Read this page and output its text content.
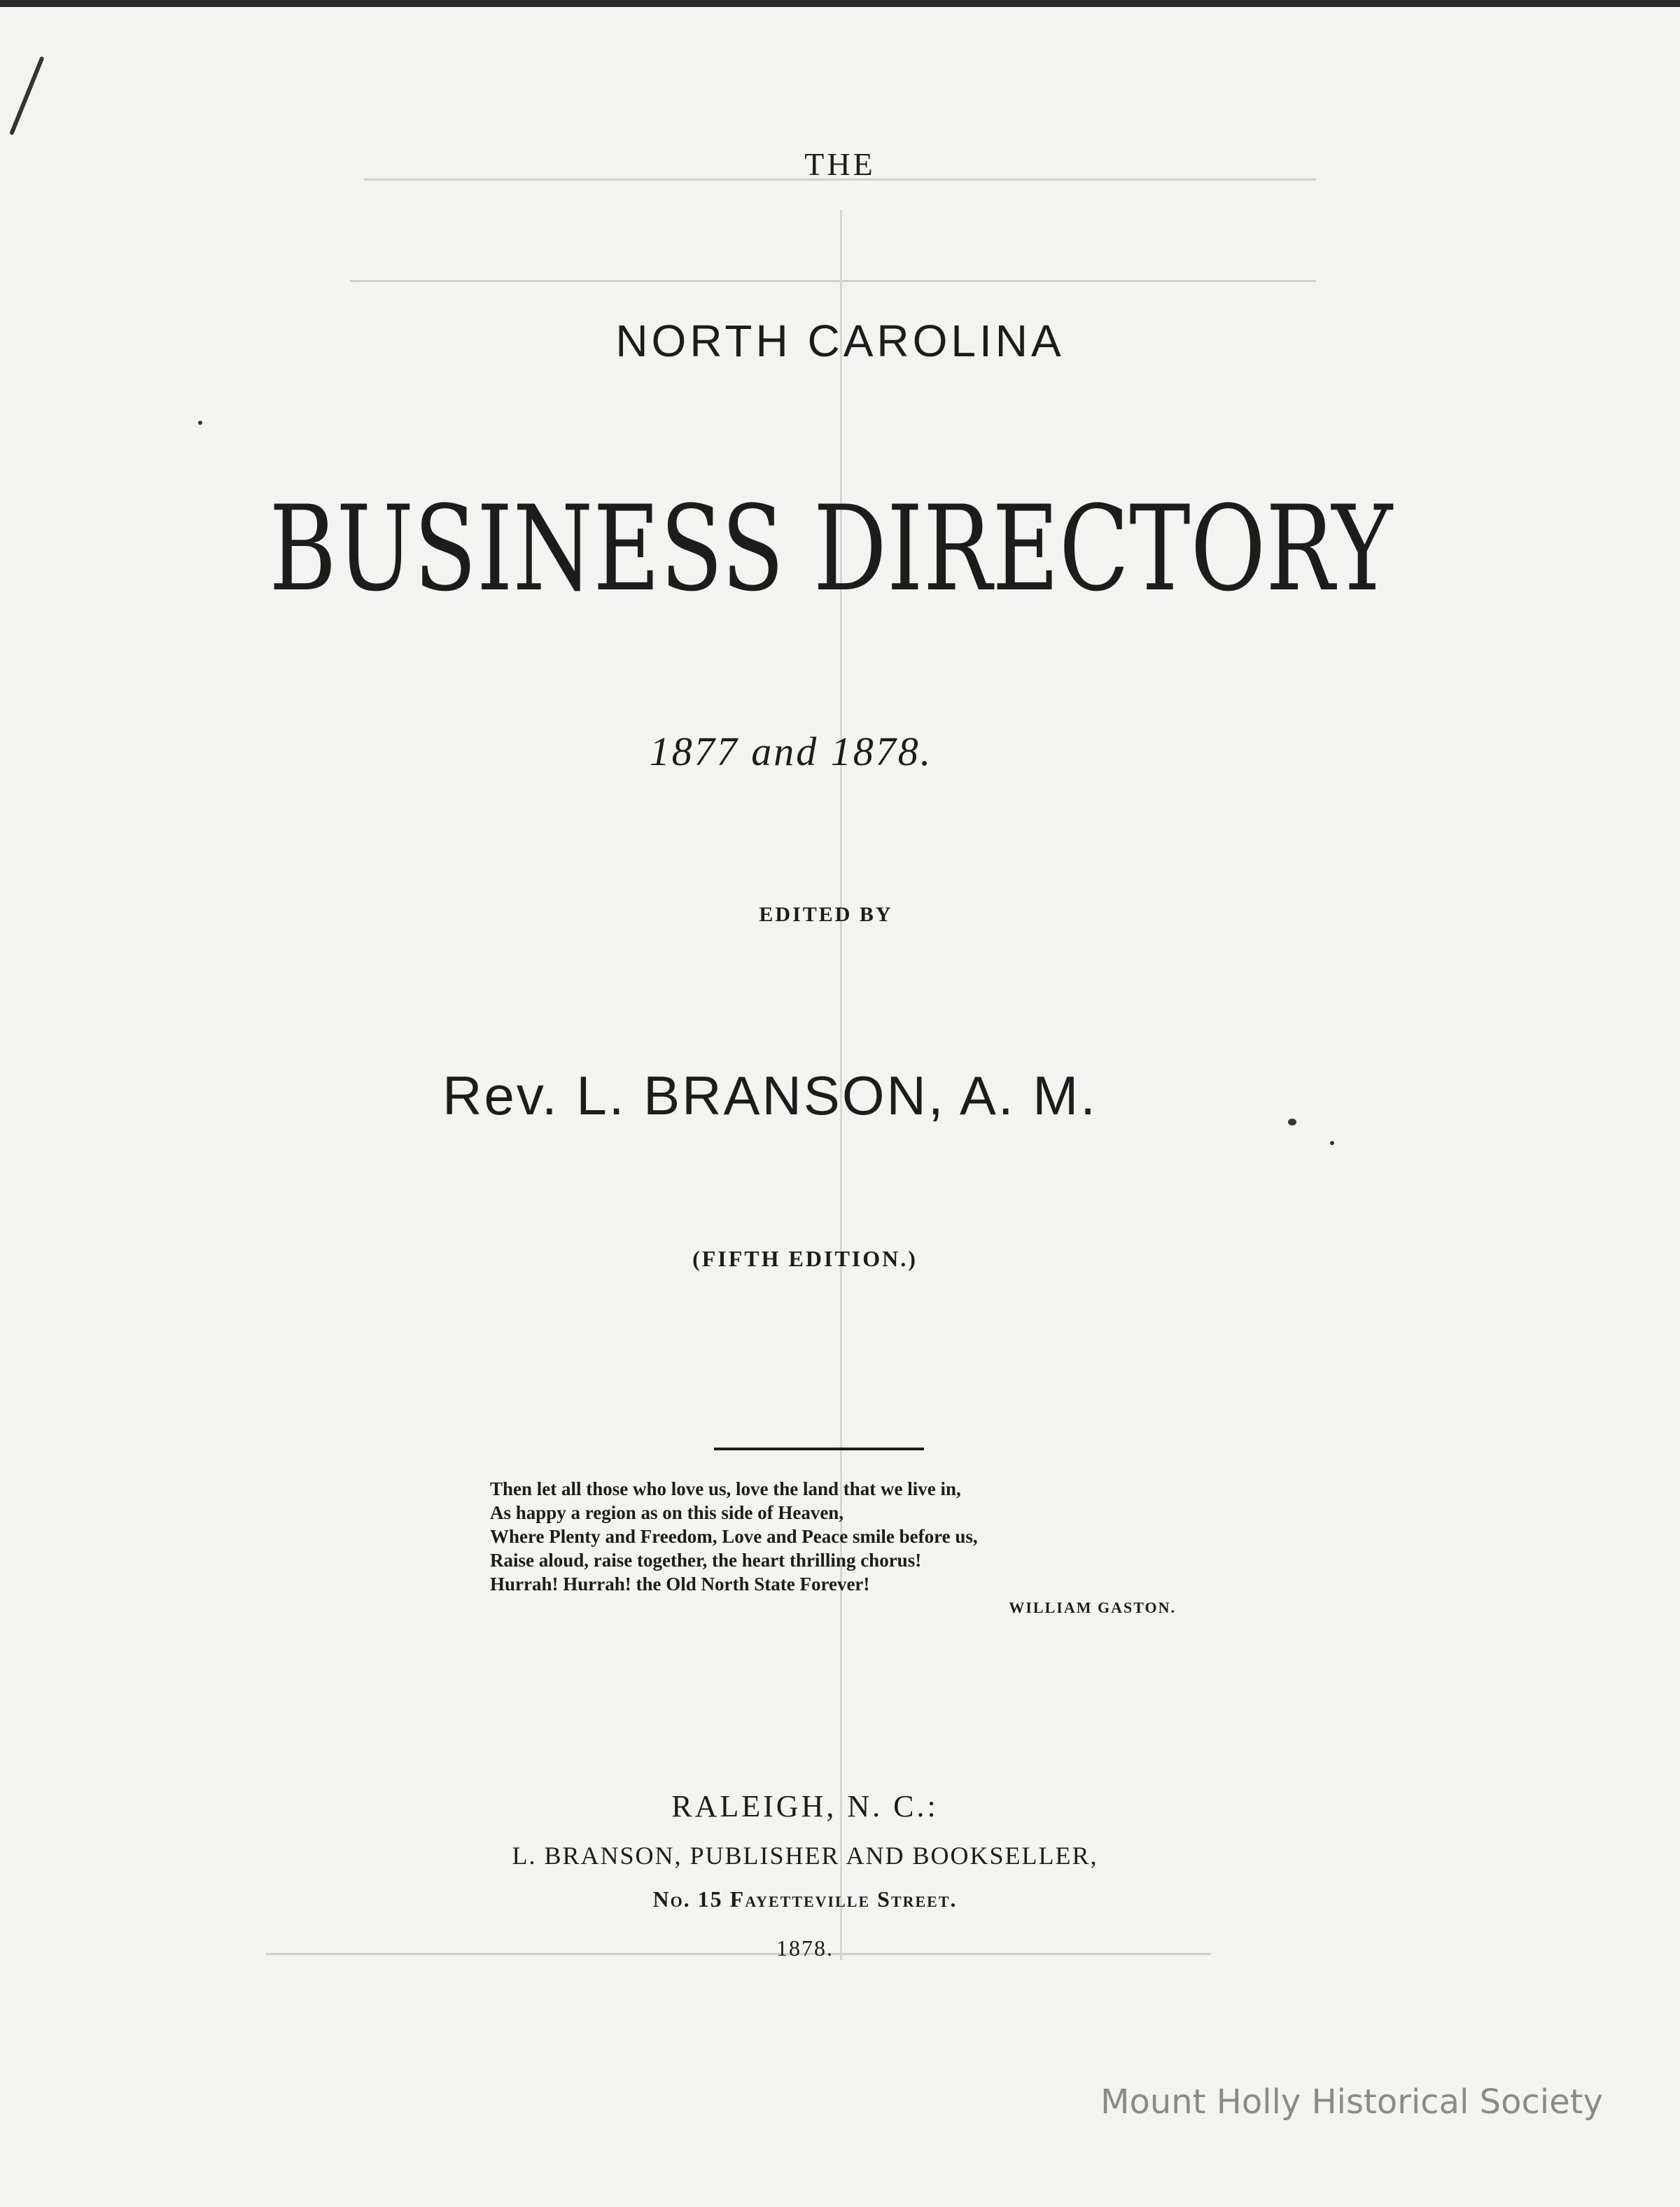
THE
NORTH CAROLINA
BUSINESS DIRECTORY
1877 and 1878.
EDITED BY
Rev. L. BRANSON, A. M.
(FIFTH EDITION.)
Then let all those who love us, love the land that we live in,
As happy a region as on this side of Heaven,
Where Plenty and Freedom, Love and Peace smile before us,
Raise aloud, raise together, the heart thrilling chorus!
Hurrah! Hurrah! the Old North State Forever!
WILLIAM GASTON.
RALEIGH, N. C.:
L. BRANSON, PUBLISHER AND BOOKSELLER,
No. 15 Fayetteville Street.
1878.
Mount Holly Historical Society
